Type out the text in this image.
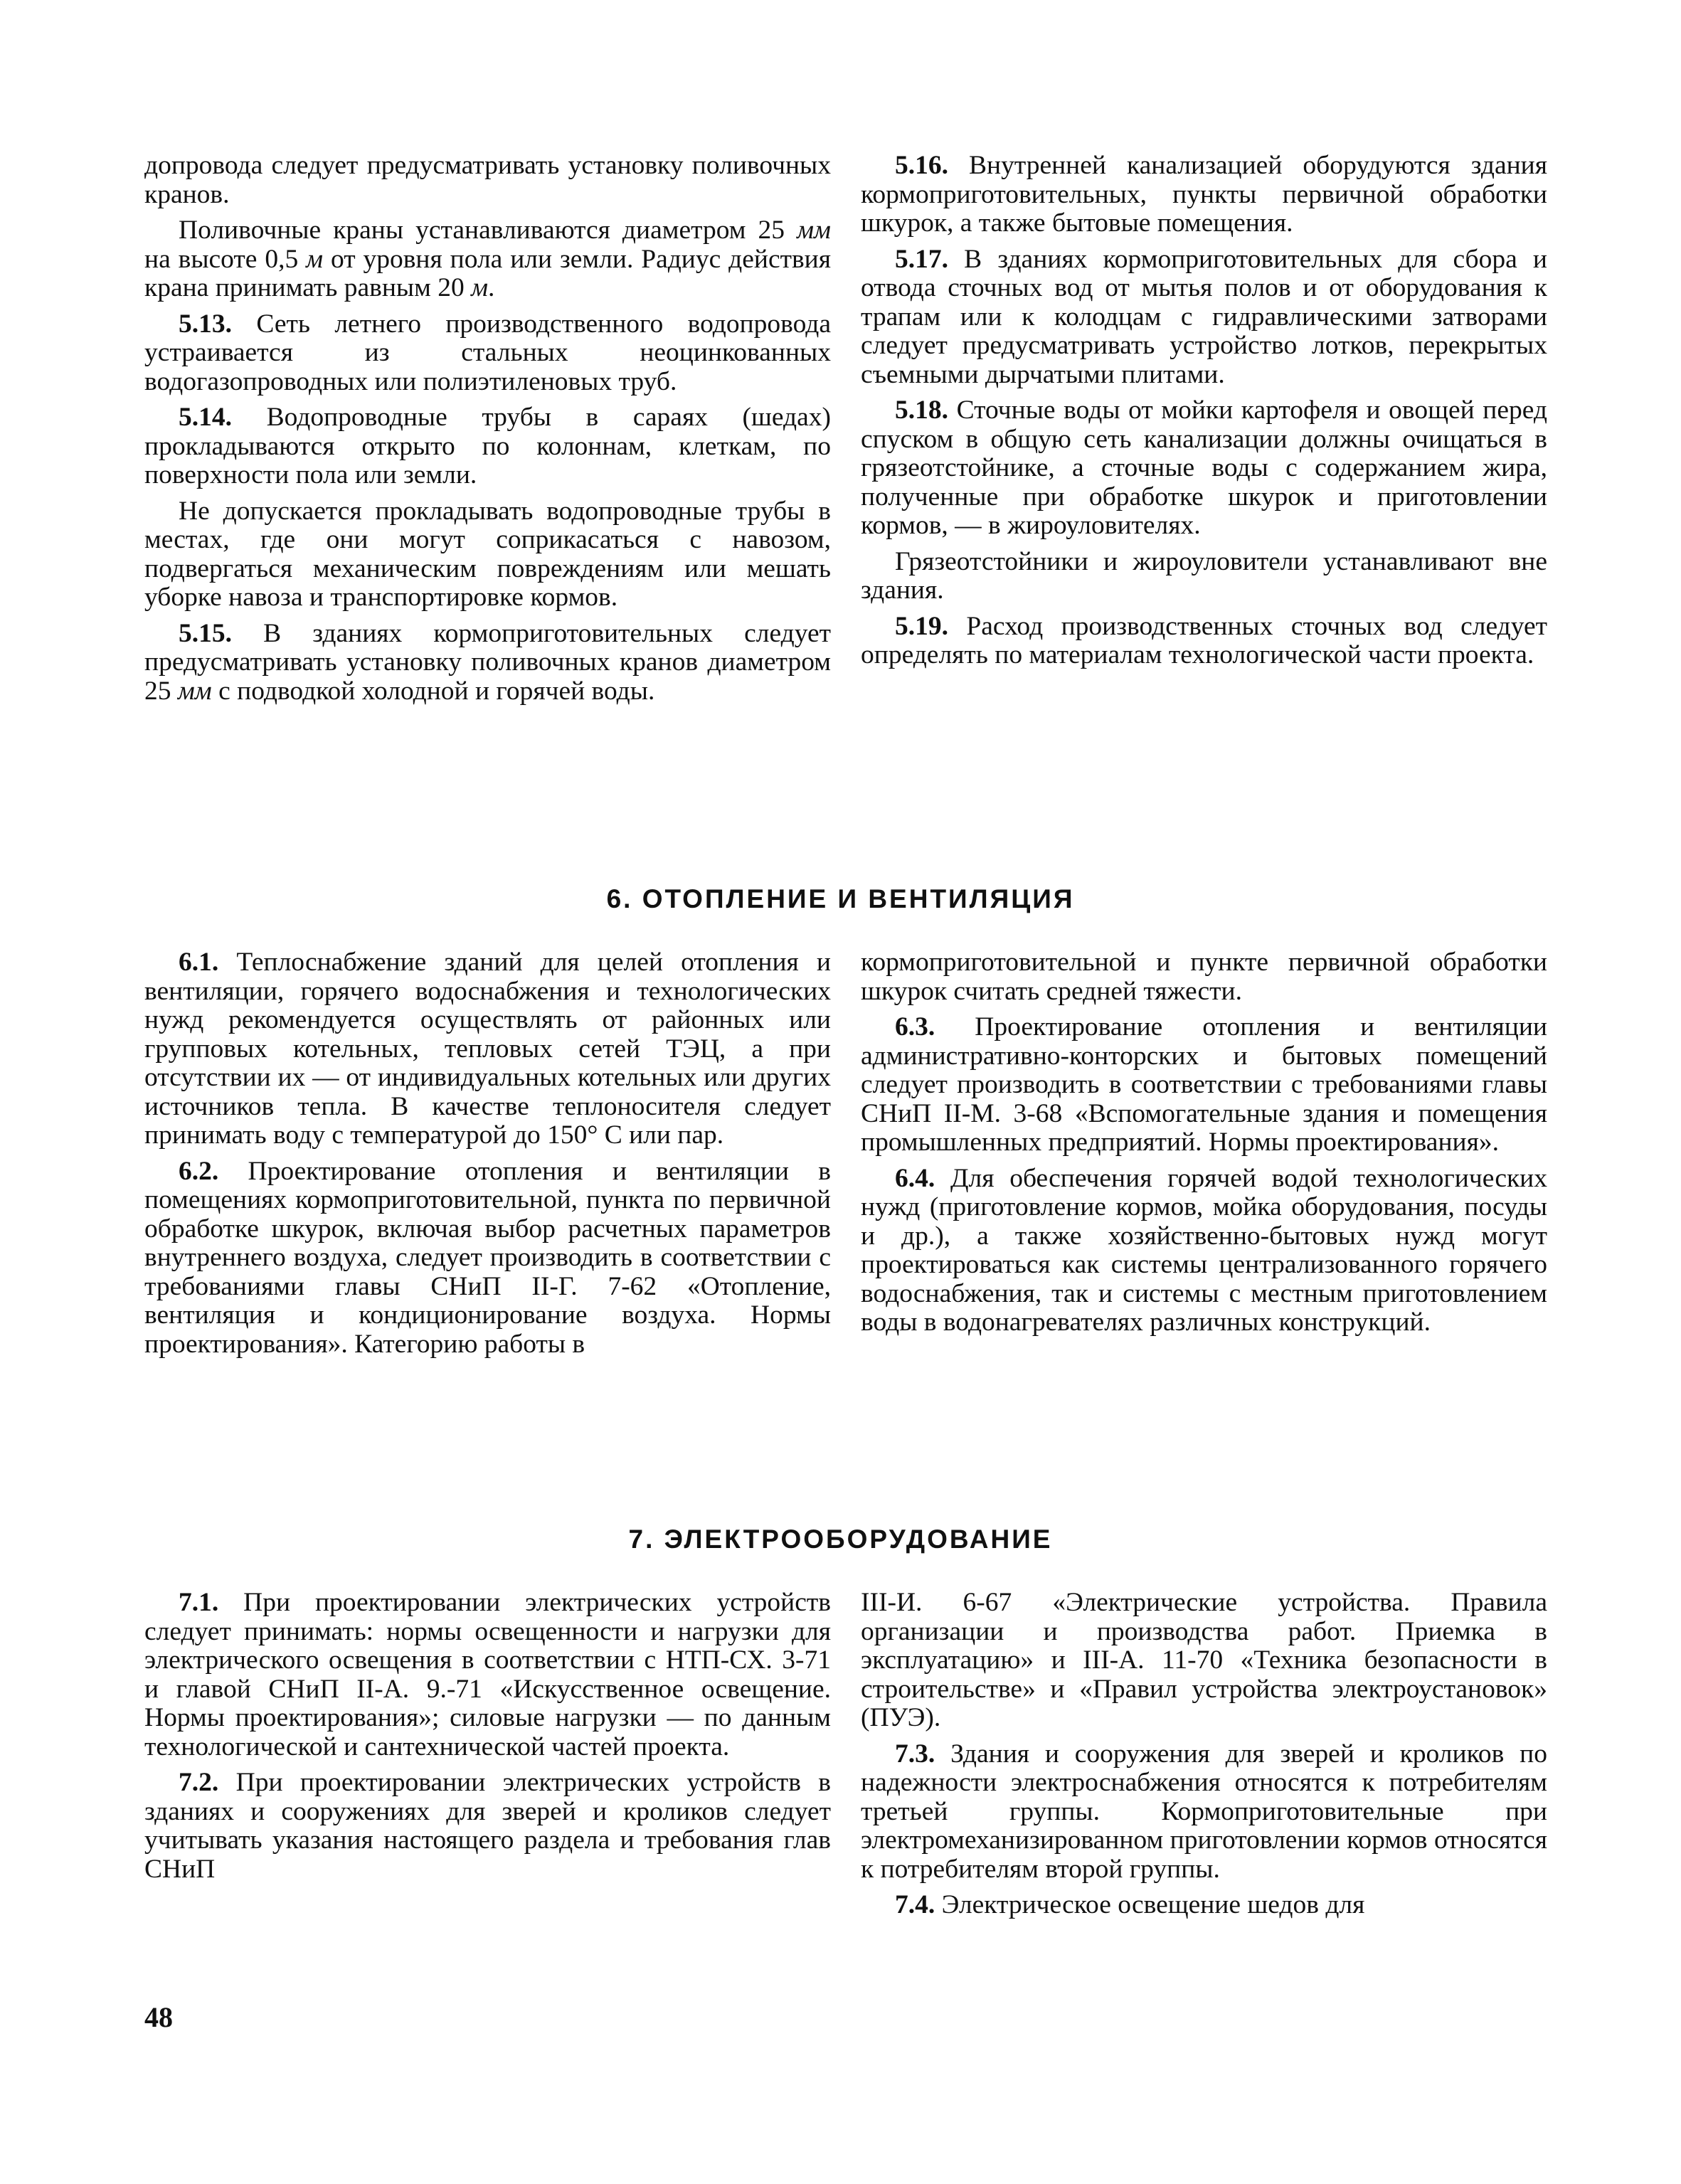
допровода следует предусматривать установку поливочных кранов.

Поливочные краны устанавливаются диаметром 25 мм на высоте 0,5 м от уровня пола или земли. Радиус действия крана принимать равным 20 м.

5.13. Сеть летнего производственного водопровода устраивается из стальных неоцинкованных водогазопроводных или полиэтиленовых труб.

5.14. Водопроводные трубы в сараях (шедах) прокладываются открыто по колоннам, клеткам, по поверхности пола или земли.

Не допускается прокладывать водопроводные трубы в местах, где они могут соприкасаться с навозом, подвергаться механическим повреждениям или мешать уборке навоза и транспортировке кормов.

5.15. В зданиях кормоприготовительных следует предусматривать установку поливочных кранов диаметром 25 мм с подводкой холодной и горячей воды.

5.16. Внутренней канализацией оборудуются здания кормоприготовительных, пункты первичной обработки шкурок, а также бытовые помещения.

5.17. В зданиях кормоприготовительных для сбора и отвода сточных вод от мытья полов и от оборудования к трапам или к колодцам с гидравлическими затворами следует предусматривать устройство лотков, перекрытых съемными дырчатыми плитами.

5.18. Сточные воды от мойки картофеля и овощей перед спуском в общую сеть канализации должны очищаться в грязеотстойнике, а сточные воды с содержанием жира, полученные при обработке шкурок и приготовлении кормов, — в жироуловителях.

Грязеотстойники и жироуловители устанавливают вне здания.

5.19. Расход производственных сточных вод следует определять по материалам технологической части проекта.

6. ОТОПЛЕНИЕ И ВЕНТИЛЯЦИЯ

6.1. Теплоснабжение зданий для целей отопления и вентиляции, горячего водоснабжения и технологических нужд рекомендуется осуществлять от районных или групповых котельных, тепловых сетей ТЭЦ, а при отсутствии их — от индивидуальных котельных или других источников тепла. В качестве теплоносителя следует принимать воду с температурой до 150° С или пар.

6.2. Проектирование отопления и вентиляции в помещениях кормоприготовительной, пункта по первичной обработке шкурок, включая выбор расчетных параметров внутреннего воздуха, следует производить в соответствии с требованиями главы СНиП II-Г. 7-62 «Отопление, вентиляция и кондиционирование воздуха. Нормы проектирования». Категорию работы в

кормоприготовительной и пункте первичной обработки шкурок считать средней тяжести.

6.3. Проектирование отопления и вентиляции административно-конторских и бытовых помещений следует производить в соответствии с требованиями главы СНиП II-М. 3-68 «Вспомогательные здания и помещения промышленных предприятий. Нормы проектирования».

6.4. Для обеспечения горячей водой технологических нужд (приготовление кормов, мойка оборудования, посуды и др.), а также хозяйственно-бытовых нужд могут проектироваться как системы централизованного горячего водоснабжения, так и системы с местным приготовлением воды в водонагревателях различных конструкций.

7. ЭЛЕКТРООБОРУДОВАНИЕ

7.1. При проектировании электрических устройств следует принимать: нормы освещенности и нагрузки для электрического освещения в соответствии с НТП-СХ. 3-71 и главой СНиП II-А. 9.-71 «Искусственное освещение. Нормы проектирования»; силовые нагрузки — по данным технологической и сантехнической частей проекта.

7.2. При проектировании электрических устройств в зданиях и сооружениях для зверей и кроликов следует учитывать указания настоящего раздела и требования глав СНиП

III-И. 6-67 «Электрические устройства. Правила организации и производства работ. Приемка в эксплуатацию» и III-А. 11-70 «Техника безопасности в строительстве» и «Правил устройства электроустановок» (ПУЭ).

7.3. Здания и сооружения для зверей и кроликов по надежности электроснабжения относятся к потребителям третьей группы. Кормоприготовительные при электромеханизированном приготовлении кормов относятся к потребителям второй группы.

7.4. Электрическое освещение шедов для

48
